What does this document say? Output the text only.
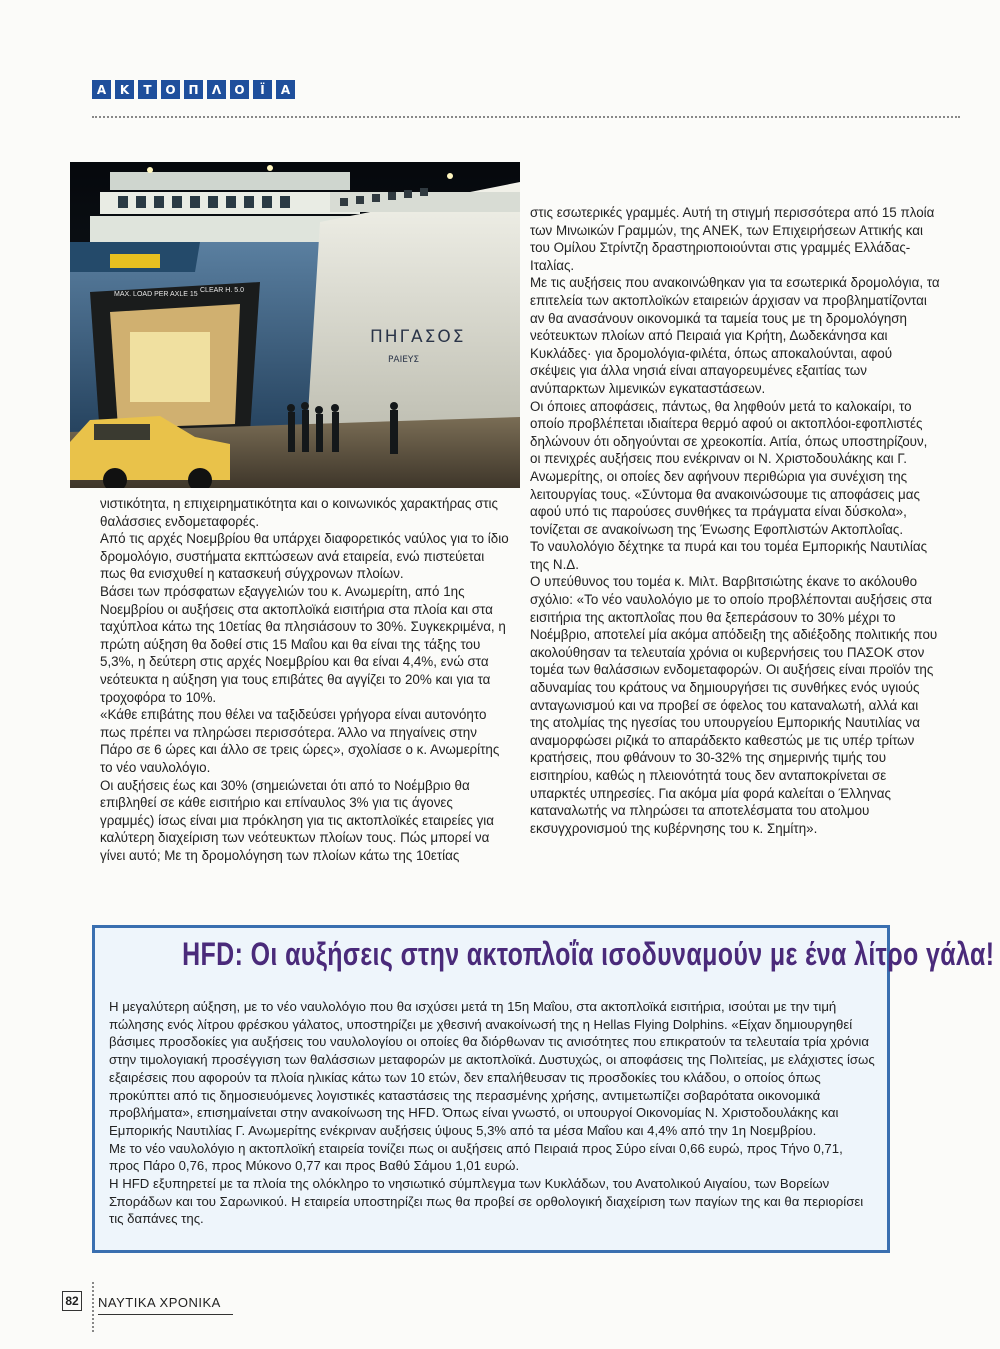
Α	Κ	Τ	Ο	Π	Λ	Ο	Ϊ	Α
MAX. LOAD PER AXLE 15
CLEAR H. 5.0
ΠΗΓΑΣΟΣ
ΡΑΙΕΥΣ

νιστικότητα, η επιχειρηματικότητα και ο κοινωνικός χαρακτήρας στις θαλάσσιες ενδομεταφορές.

Από τις αρχές Νοεμβρίου θα υπάρχει διαφορετικός ναύλος για το ίδιο δρομολόγιο, συστήματα εκπτώσεων ανά εταιρεία, ενώ πιστεύεται πως θα ενισχυθεί η κατασκευή σύγχρονων πλοίων.

Βάσει των πρόσφατων εξαγγελιών του κ. Ανωμερίτη, από 1ης Νοεμβρίου οι αυξήσεις στα ακτοπλοϊκά εισιτήρια στα πλοία και στα ταχύπλοα κάτω της 10ετίας θα πλησιάσουν το 30%. Συγκεκριμένα, η πρώτη αύξηση θα δοθεί στις 15 Μαΐου και θα είναι της τάξης του 5,3%, η δεύτερη στις αρχές Νοεμβρίου και θα είναι 4,4%, ενώ στα νεότευκτα η αύξηση για τους επιβάτες θα αγγίζει το 20% και για τα τροχοφόρα το 10%.

«Κάθε επιβάτης που θέλει να ταξιδεύσει γρήγορα είναι αυτονόητο πως πρέπει να πληρώσει περισσότερα. Άλλο να πηγαίνεις στην Πάρο σε 6 ώρες και άλλο σε τρεις ώρες», σχολίασε ο κ. Ανωμερίτης το νέο ναυλολόγιο.

Οι αυξήσεις έως και 30% (σημειώνεται ότι από το Νοέμβριο θα επιβληθεί σε κάθε εισιτήριο και επίναυλος 3% για τις άγονες γραμμές) ίσως είναι μια πρόκληση για τις ακτοπλοϊκές εταιρείες για καλύτερη διαχείριση των νεότευκτων πλοίων τους. Πώς μπορεί να γίνει αυτό; Με τη δρομολόγηση των πλοίων κάτω της 10ετίας

στις εσωτερικές γραμμές. Αυτή τη στιγμή περισσότερα από 15 πλοία των Μινωικών Γραμμών, της ΑΝΕΚ, των Επιχειρήσεων Αττικής και του Ομίλου Στρίντζη δραστηριοποιούνται στις γραμμές Ελλάδας-Ιταλίας.

Με τις αυξήσεις που ανακοινώθηκαν για τα εσωτερικά δρομολόγια, τα επιτελεία των ακτοπλοϊκών εταιρειών άρχισαν να προβληματίζονται αν θα ανασάνουν οικονομικά τα ταμεία τους με τη δρομολόγηση νεότευκτων πλοίων από Πειραιά για Κρήτη, Δωδεκάνησα και Κυκλάδες· για δρομολόγια-φιλέτα, όπως αποκαλούνται, αφού σκέψεις για άλλα νησιά είναι απαγορευμένες εξαιτίας των ανύπαρκτων λιμενικών εγκαταστάσεων.

Οι όποιες αποφάσεις, πάντως, θα ληφθούν μετά το καλοκαίρι, το οποίο προβλέπεται ιδιαίτερα θερμό αφού οι ακτοπλόοι-εφοπλιστές δηλώνουν ότι οδηγούνται σε χρεοκοπία. Αιτία, όπως υποστηρίζουν, οι πενιχρές αυξήσεις που ενέκριναν οι Ν. Χριστοδουλάκης και Γ. Ανωμερίτης, οι οποίες δεν αφήνουν περιθώρια για συνέχιση της λειτουργίας τους. «Σύντομα θα ανακοινώσουμε τις αποφάσεις μας αφού υπό τις παρούσες συνθήκες τα πράγματα είναι δύσκολα», τονίζεται σε ανακοίνωση της Ένωσης Εφοπλιστών Ακτοπλοΐας.

Το ναυλολόγιο δέχτηκε τα πυρά και του τομέα Εμπορικής Ναυτιλίας της Ν.Δ.

Ο υπεύθυνος του τομέα κ. Μιλτ. Βαρβιτσιώτης έκανε το ακόλουθο σχόλιο: «Το νέο ναυλολόγιο με το οποίο προβλέπονται αυξήσεις στα εισιτήρια της ακτοπλοΐας που θα ξεπεράσουν το 30% μέχρι το Νοέμβριο, αποτελεί μία ακόμα απόδειξη της αδιέξοδης πολιτικής που ακολούθησαν τα τελευταία χρόνια οι κυβερνήσεις του ΠΑΣΟΚ στον τομέα των θαλάσσιων ενδομεταφορών. Οι αυξήσεις είναι προϊόν της αδυναμίας του κράτους να δημιουργήσει τις συνθήκες ενός υγιούς ανταγωνισμού και να προβεί σε όφελος του καταναλωτή, αλλά και της ατολμίας της ηγεσίας του υπουργείου Εμπορικής Ναυτιλίας να αναμορφώσει ριζικά το απαράδεκτο καθεστώς με τις υπέρ τρίτων κρατήσεις, που φθάνουν το 30-32% της σημερινής τιμής του εισιτηρίου, καθώς η πλειονότητά τους δεν ανταποκρίνεται σε υπαρκτές υπηρεσίες. Για ακόμα μία φορά καλείται ο Έλληνας καταναλωτής να πληρώσει τα αποτελέσματα του ατολμου εκσυγχρονισμού της κυβέρνησης του κ. Σημίτη».

HFD: Οι αυξήσεις στην ακτοπλοΐα ισοδυναμούν με ένα λίτρο γάλα!

Η μεγαλύτερη αύξηση, με το νέο ναυλολόγιο που θα ισχύσει μετά τη 15η Μαΐου, στα ακτοπλοϊκά εισιτήρια, ισούται με την τιμή πώλησης ενός λίτρου φρέσκου γάλατος, υποστηρίζει με χθεσινή ανακοίνωσή της η Hellas Flying Dolphins. «Είχαν δημιουργηθεί βάσιμες προσδοκίες για αυξήσεις του ναυλολογίου οι οποίες θα διόρθωναν τις ανισότητες που επικρατούν τα τελευταία τρία χρόνια στην τιμολογιακή προσέγγιση των θαλάσσιων μεταφορών με ακτοπλοϊκά. Δυστυχώς, οι αποφάσεις της Πολιτείας, με ελάχιστες ίσως εξαιρέσεις που αφορούν τα πλοία ηλικίας κάτω των 10 ετών, δεν επαλήθευσαν τις προσδοκίες του κλάδου, ο οποίος όπως προκύπτει από τις δημοσιευόμενες λογιστικές καταστάσεις της περασμένης χρήσης, αντιμετωπίζει σοβαρότατα οικονομικά προβλήματα», επισημαίνεται στην ανακοίνωση της HFD. Όπως είναι γνωστό, οι υπουργοί Οικονομίας Ν. Χριστοδουλάκης και Εμπορικής Ναυτιλίας Γ. Ανωμερίτης ενέκριναν αυξήσεις ύψους 5,3% από τα μέσα Μαΐου και 4,4% από την 1η Νοεμβρίου.

Με το νέο ναυλολόγιο η ακτοπλοϊκή εταιρεία τονίζει πως οι αυξήσεις από Πειραιά προς Σύρο είναι 0,66 ευρώ, προς Τήνο 0,71, προς Πάρο 0,76, προς Μύκονο 0,77 και προς Βαθύ Σάμου 1,01 ευρώ.

Η HFD εξυπηρετεί με τα πλοία της ολόκληρο το νησιωτικό σύμπλεγμα των Κυκλάδων, του Ανατολικού Αιγαίου, των Βορείων Σποράδων και του Σαρωνικού. Η εταιρεία υποστηρίζει πως θα προβεί σε ορθολογική διαχείριση των παγίων της και θα περιορίσει τις δαπάνες της.

82 ΝΑΥΤΙΚΑ ΧΡΟΝΙΚΑ
